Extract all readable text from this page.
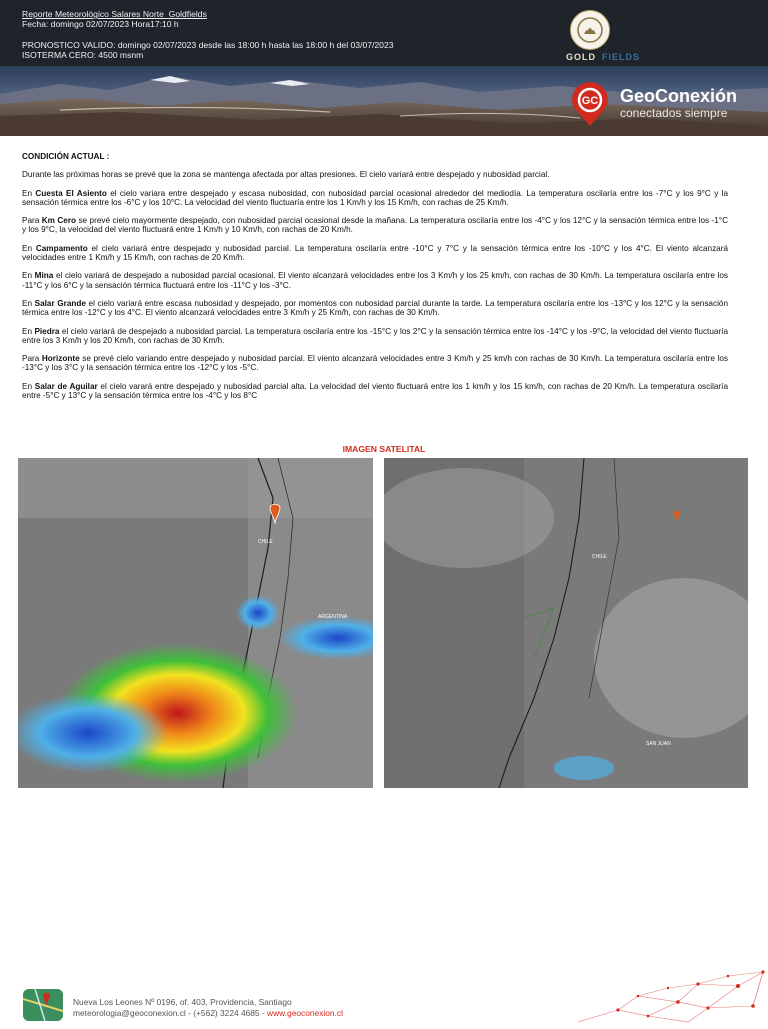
Reporte Meteorológico Salares Norte_Goldfields
Fecha: domingo 02/07/2023 Hora17:10 h
PRONOSTICO VALIDO: domingo 02/07/2023 desde las 18:00 h hasta las 18:00 h del 03/07/2023
ISOTERMA CERO: 4500 msnm	GOLD FIELDS
GC GeoConexión
conectados siempre

CONDICIÓN ACTUAL :

Durante las próximas horas se prevé que la zona se mantenga afectada por altas presiones. El cielo variará entre despejado y nubosidad parcial.

En Cuesta El Asiento el cielo variara entre despejado y escasa nubosidad, con nubosidad parcial ocasional alrededor del mediodía. La temperatura oscilaría entre los -7°C y los 9°C y la sensación térmica entre los -6°C y los 10°C. La velocidad del viento fluctuaría entre los 1 Km/h y los 15 Km/h, con rachas de 25 Km/h.

Para Km Cero se prevé cielo mayormente despejado, con nubosidad parcial ocasional desde la mañana. La temperatura oscilaría entre los -4°C y los 12°C y la sensación térmica entre los -1°C y los 9°C, la velocidad del viento fluctuará entre 1 Km/h y 10 Km/h, con rachas de 20 Km/h.

En Campamento el cielo variará entre despejado y nubosidad parcial. La temperatura oscilaría entre -10°C y 7°C y la sensación térmica entre los -10°C y los 4°C. El viento alcanzará velocidades entre 1 Km/h y 15 Km/h, con rachas de 20 Km/h.

En Mina el cielo variará de despejado a nubosidad parcial ocasional. El viento alcanzará velocidades entre los 3 Km/h y los 25 km/h, con rachas de 30 Km/h. La temperatura oscilaría entre los -11°C y los 6°C y la sensación térmica fluctuará entre los -11°C y los -3°C.

En Salar Grande el cielo variará entre escasa nubosidad y despejado, por momentos con nubosidad parcial durante la tarde. La temperatura oscilaría entre los -13°C y los 12°C y la sensación térmica entre los -12°C y los 4°C. El viento alcanzará velocidades entre 3 Km/h y 25 Km/h, con rachas de 30 Km/h.

En Piedra el cielo variará de despejado a nubosidad parcial. La temperatura oscilaría entre los -15°C y los 2°C y la sensación térmica entre los -14°C y los -9°C, la velocidad del viento fluctuaría entre los 3 Km/h y los 20 Km/h, con rachas de 30 Km/h.

Para Horizonte se prevé cielo variando entre despejado y nubosidad parcial. El viento alcanzará velocidades entre 3 Km/h y 25 km/h con rachas de 30 Km/h. La temperatura oscilaría entre los -13°C y los 3°C y la sensación térmica entre los -12°C y los -5°C.

En Salar de Aguilar el cielo varará entre despejado y nubosidad parcial alta. La velocidad del viento fluctuará entre los 1 km/h y los 15 km/h, con rachas de 20 Km/h. La temperatura oscilaría entre -5°C y 13°C y la sensación térmica entre los -4°C y los 8°C

IMAGEN SATELITAL
CHILE
ARGENTINA
CHILE
SAN JUAN
Nueva Los Leones Nº 0196, of. 403, Providencia, Santiago
meteorologia@geoconexion.cl - (+562) 3224 4685 - www.geoconexion.cl
